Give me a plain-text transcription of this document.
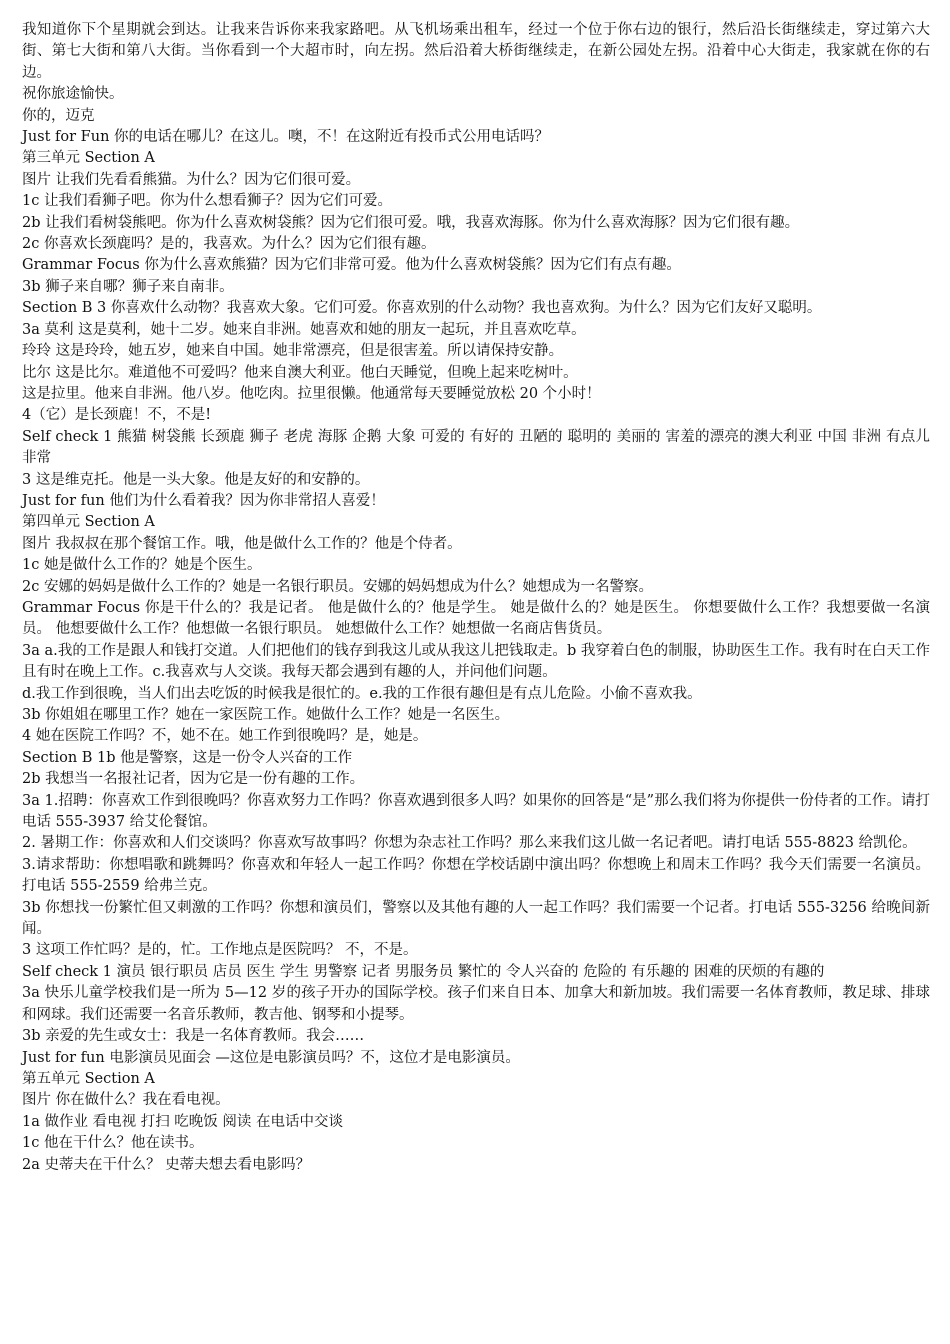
我知道你下个星期就会到达。让我来告诉你来我家路吧。从飞机场乘出租车，经过一个位于你右边的银行，然后沿长街继续走，穿过第六大街、第七大街和第八大街。当你看到一个大超市时，向左拐。然后沿着大桥街继续走，在新公园处左拐。沿着中心大街走，我家就在你的右边。
祝你旅途愉快。
你的，迈克
Just for Fun 你的电话在哪儿？在这儿。噢，不！在这附近有投币式公用电话吗？
第三单元 Section A
图片 让我们先看看熊猫。为什么？因为它们很可爱。
1c 让我们看狮子吧。你为什么想看狮子？因为它们可爱。
2b 让我们看树袋熊吧。你为什么喜欢树袋熊？因为它们很可爱。哦，我喜欢海豚。你为什么喜欢海豚？因为它们很有趣。
2c 你喜欢长颈鹿吗？是的，我喜欢。为什么？因为它们很有趣。
Grammar Focus 你为什么喜欢熊猫？因为它们非常可爱。他为什么喜欢树袋熊？因为它们有点有趣。
3b 狮子来自哪？狮子来自南非。
Section B 3 你喜欢什么动物？我喜欢大象。它们可爱。你喜欢别的什么动物？我也喜欢狗。为什么？因为它们友好又聪明。
3a 莫利 这是莫利，她十二岁。她来自非洲。她喜欢和她的朋友一起玩，并且喜欢吃草。
玲玲 这是玲玲，她五岁，她来自中国。她非常漂亮，但是很害羞。所以请保持安静。
比尔 这是比尔。难道他不可爱吗？他来自澳大利亚。他白天睡觉，但晚上起来吃树叶。
这是拉里。他来自非洲。他八岁。他吃肉。拉里很懒。他通常每天要睡觉放松 20 个小时！
4（它）是长颈鹿！不，不是!
Self check 1 熊猫 树袋熊 长颈鹿 狮子 老虎 海豚 企鹅 大象 可爱的 有好的 丑陋的 聪明的 美丽的 害羞的漂亮的澳大利亚 中国 非洲 有点儿 非常
3 这是维克托。他是一头大象。他是友好的和安静的。
Just for fun 他们为什么看着我？因为你非常招人喜爱！
第四单元 Section A
图片 我叔叔在那个餐馆工作。哦，他是做什么工作的？他是个侍者。
1c 她是做什么工作的？她是个医生。
2c 安娜的妈妈是做什么工作的？她是一名银行职员。安娜的妈妈想成为什么？她想成为一名警察。
Grammar Focus 你是干什么的？我是记者。 他是做什么的？他是学生。 她是做什么的？她是医生。 你想要做什么工作？我想要做一名演员。 他想要做什么工作？他想做一名银行职员。 她想做什么工作？她想做一名商店售货员。
3a a.我的工作是跟人和钱打交道。人们把他们的钱存到我这儿或从我这儿把钱取走。b 我穿着白色的制服，协助医生工作。我有时在白天工作且有时在晚上工作。c.我喜欢与人交谈。我每天都会遇到有趣的人，并问他们问题。
d.我工作到很晚，当人们出去吃饭的时候我是很忙的。e.我的工作很有趣但是有点儿危险。小偷不喜欢我。
3b 你姐姐在哪里工作？她在一家医院工作。她做什么工作？她是一名医生。
4 她在医院工作吗？不，她不在。她工作到很晚吗？是，她是。
Section B 1b 他是警察，这是一份令人兴奋的工作
2b 我想当一名报社记者，因为它是一份有趣的工作。
3a 1.招聘：你喜欢工作到很晚吗？你喜欢努力工作吗？你喜欢遇到很多人吗？如果你的回答是“是”那么我们将为你提供一份侍者的工作。请打电话 555-3937 给艾伦餐馆。
2. 暑期工作：你喜欢和人们交谈吗？你喜欢写故事吗？你想为杂志社工作吗？那么来我们这儿做一名记者吧。请打电话 555-8823 给凯伦。
3.请求帮助：你想唱歌和跳舞吗？你喜欢和年轻人一起工作吗？你想在学校话剧中演出吗？你想晚上和周末工作吗？我今天们需要一名演员。打电话 555-2559 给弗兰克。
3b 你想找一份繁忙但又刺激的工作吗？你想和演员们，警察以及其他有趣的人一起工作吗？我们需要一个记者。打电话 555-3256 给晚间新闻。
3 这项工作忙吗？是的，忙。工作地点是医院吗？ 不，不是。
Self check 1 演员 银行职员 店员 医生 学生 男警察 记者 男服务员 繁忙的 令人兴奋的 危险的 有乐趣的 困难的厌烦的有趣的
3a 快乐儿童学校我们是一所为 5—12 岁的孩子开办的国际学校。孩子们来自日本、加拿大和新加坡。我们需要一名体育教师，教足球、排球和网球。我们还需要一名音乐教师，教吉他、钢琴和小提琴。
3b 亲爱的先生或女士：我是一名体育教师。我会……
Just for fun 电影演员见面会 —这位是电影演员吗？不，这位才是电影演员。
第五单元 Section A
图片 你在做什么？我在看电视。
1a 做作业 看电视 打扫 吃晚饭 阅读 在电话中交谈
1c 他在干什么？他在读书。
2a 史蒂夫在干什么？ 史蒂夫想去看电影吗？
